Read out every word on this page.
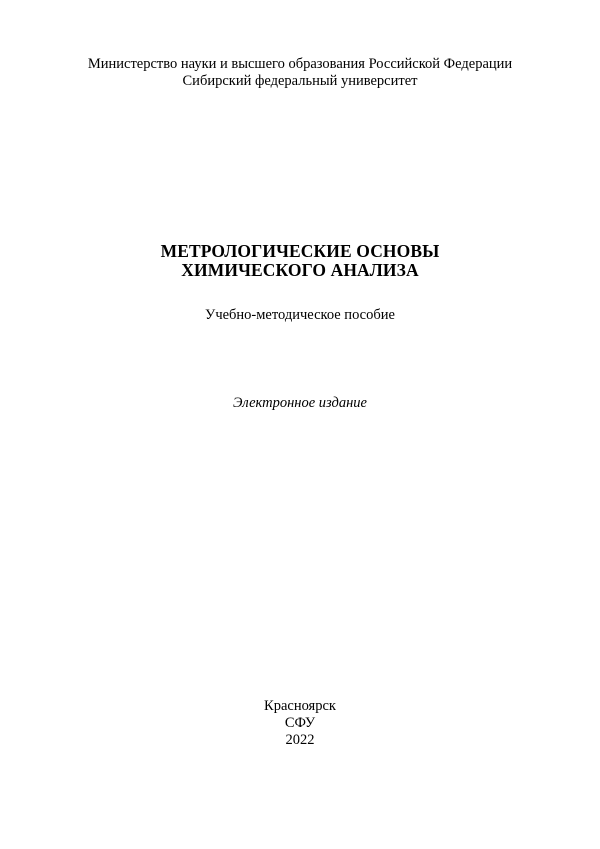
Министерство науки и высшего образования Российской Федерации
Сибирский федеральный университет
МЕТРОЛОГИЧЕСКИЕ ОСНОВЫ
ХИМИЧЕСКОГО АНАЛИЗА
Учебно-методическое пособие
Электронное издание
Красноярск
СФУ
2022
